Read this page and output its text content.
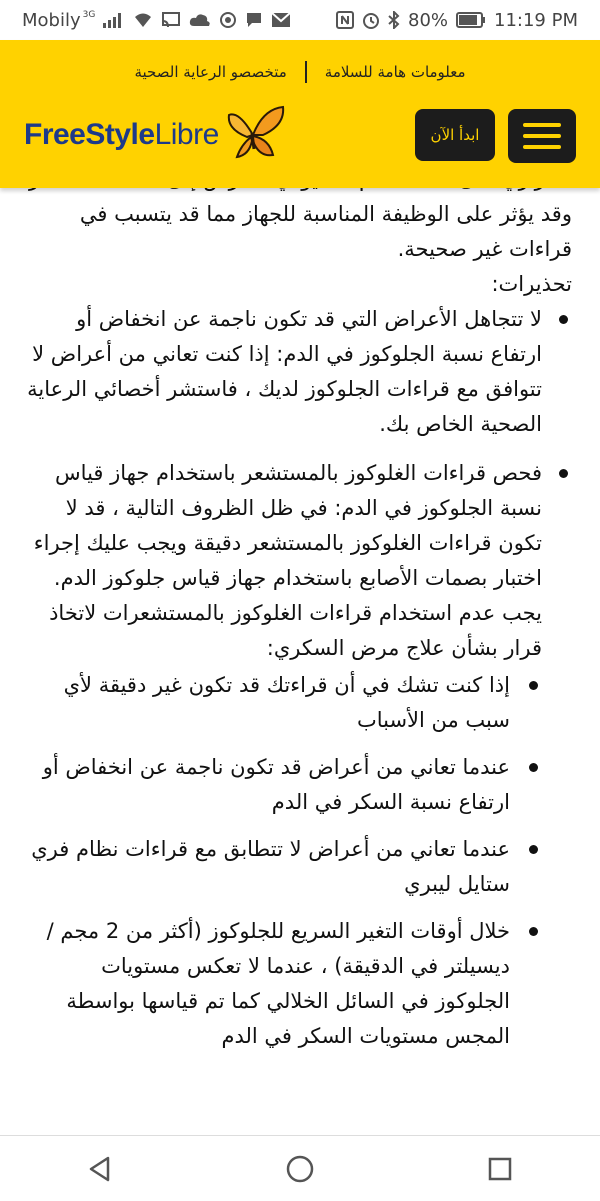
Mobily 3G	80%	11:19 PM
معلومات هامة للسلامة
متخصصو الرعاية الصحية
FreeStyleLibre	ابدأ الآن

وقد يؤثر على الوظيفة المناسبة للجهاز مما قد يتسبب في قراءات غير صحيحة.

تحذيرات:

لا تتجاهل الأعراض التي قد تكون ناجمة عن انخفاض أو ارتفاع نسبة الجلوكوز في الدم: إذا كنت تعاني من أعراض لا تتوافق مع قراءات الجلوكوز لديك ، فاستشر أخصائي الرعاية الصحية الخاص بك.
فحص قراءات الغلوكوز بالمستشعر باستخدام جهاز قياس نسبة الجلوكوز في الدم: في ظل الظروف التالية ، قد لا تكون قراءات الغلوكوز بالمستشعر دقيقة ويجب عليك إجراء اختبار بصمات الأصابع باستخدام جهاز قياس جلوكوز الدم. يجب عدم استخدام قراءات الغلوكوز بالمستشعرات لاتخاذ قرار بشأن علاج مرض السكري:
إذا كنت تشك في أن قراءتك قد تكون غير دقيقة لأي سبب من الأسباب
عندما تعاني من أعراض قد تكون ناجمة عن انخفاض أو ارتفاع نسبة السكر في الدم
عندما تعاني من أعراض لا تتطابق مع قراءات نظام فري ستايل ليبري
خلال أوقات التغير السريع للجلوكوز (أكثر من 2 مجم / ديسيلتر في الدقيقة) ، عندما لا تعكس مستويات الجلوكوز في السائل الخلالي كما تم قياسها بواسطة المجس مستويات السكر في الدم
